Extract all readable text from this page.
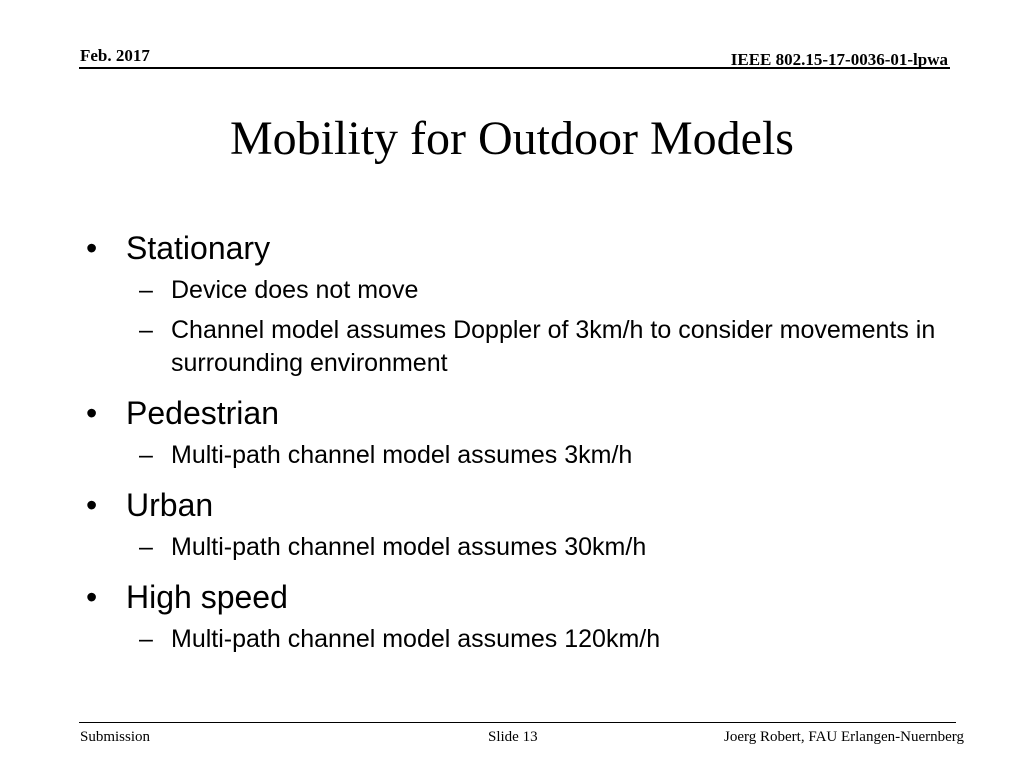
Feb. 2017	IEEE 802.15-17-0036-01-lpwa
Mobility for Outdoor Models
• Stationary
– Device does not move
– Channel model assumes Doppler of 3km/h to consider movements in surrounding environment
• Pedestrian
– Multi-path channel model assumes 3km/h
• Urban
– Multi-path channel model assumes 30km/h
• High speed
– Multi-path channel model assumes 120km/h
Submission	Slide 13	Joerg Robert, FAU Erlangen-Nuernberg
